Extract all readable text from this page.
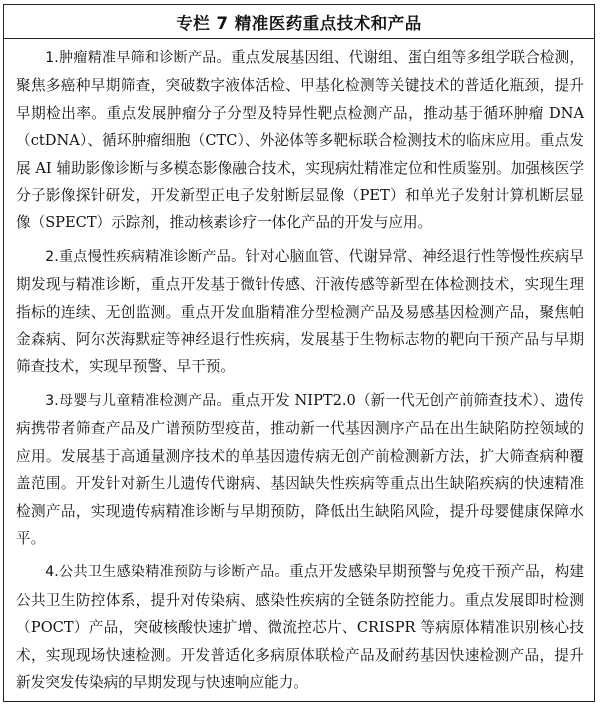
专栏 7 精准医药重点技术和产品

1.肿瘤精准早筛和诊断产品。重点发展基因组、代谢组、蛋白组等多组学联合检测，聚焦多癌种早期筛查，突破数字液体活检、甲基化检测等关键技术的普适化瓶颈，提升早期检出率。重点发展肿瘤分子分型及特异性靶点检测产品，推动基于循环肿瘤 DNA（ctDNA）、循环肿瘤细胞（CTC）、外泌体等多靶标联合检测技术的临床应用。重点发展 AI 辅助影像诊断与多模态影像融合技术，实现病灶精准定位和性质鉴别。加强核医学分子影像探针研发，开发新型正电子发射断层显像（PET）和单光子发射计算机断层显像（SPECT）示踪剂，推动核素诊疗一体化产品的开发与应用。

2.重点慢性疾病精准诊断产品。针对心脑血管、代谢异常、神经退行性等慢性疾病早期发现与精准诊断，重点开发基于微针传感、汗液传感等新型在体检测技术，实现生理指标的连续、无创监测。重点开发血脂精准分型检测产品及易感基因检测产品，聚焦帕金森病、阿尔茨海默症等神经退行性疾病，发展基于生物标志物的靶向干预产品与早期筛查技术，实现早预警、早干预。

3.母婴与儿童精准检测产品。重点开发 NIPT2.0（新一代无创产前筛查技术）、遗传病携带者筛查产品及广谱预防型疫苗，推动新一代基因测序产品在出生缺陷防控领域的应用。发展基于高通量测序技术的单基因遗传病无创产前检测新方法，扩大筛查病种覆盖范围。开发针对新生儿遗传代谢病、基因缺失性疾病等重点出生缺陷疾病的快速精准检测产品，实现遗传病精准诊断与早期预防，降低出生缺陷风险，提升母婴健康保障水平。

4.公共卫生感染精准预防与诊断产品。重点开发感染早期预警与免疫干预产品，构建公共卫生防控体系，提升对传染病、感染性疾病的全链条防控能力。重点发展即时检测（POCT）产品，突破核酸快速扩增、微流控芯片、CRISPR 等病原体精准识别核心技术，实现现场快速检测。开发普适化多病原体联检产品及耐药基因快速检测产品，提升新发突发传染病的早期发现与快速响应能力。
